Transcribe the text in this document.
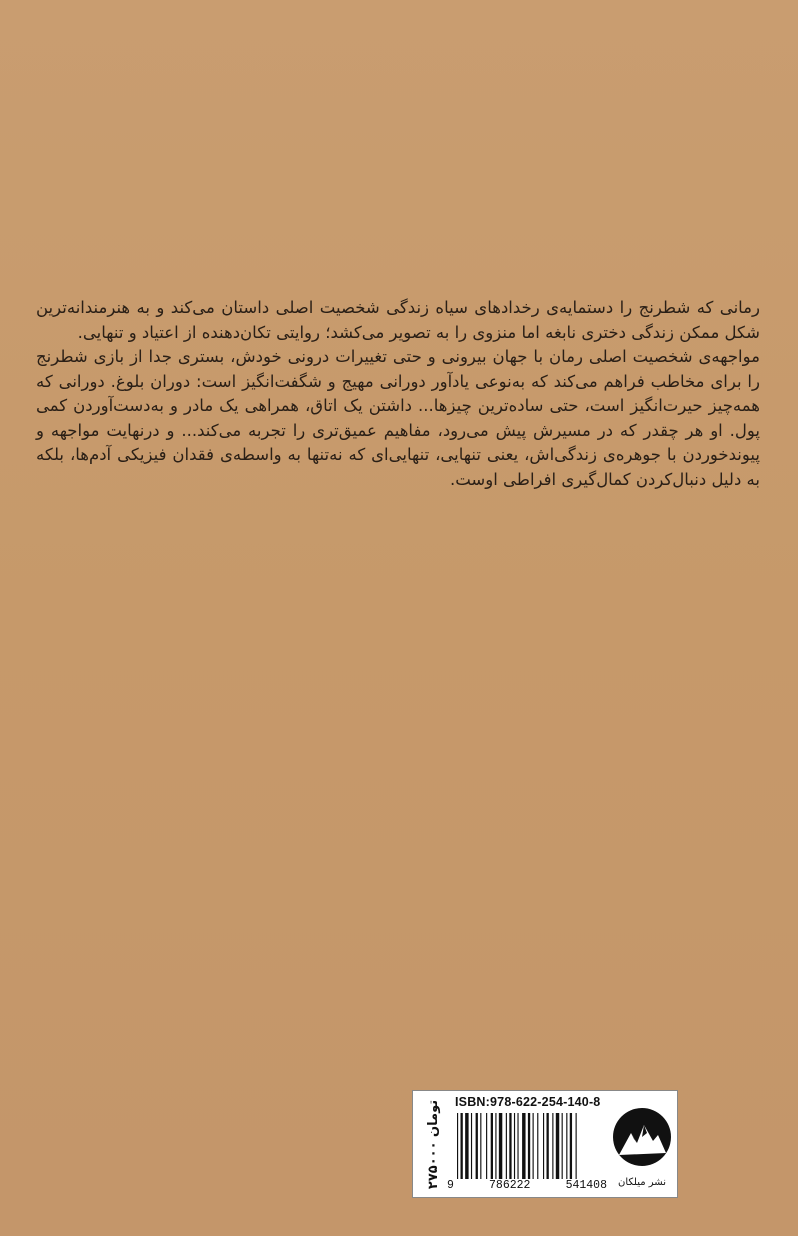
رمانی که شطرنج را دستمایه‌ی رخدادهای سیاه زندگی شخصیت اصلی داستان می‌کند و به هنرمندانه‌ترین شکل ممکن زندگی دختری نابغه اما منزوی را به تصویر می‌کشد؛ روایتی تکان‌دهنده از اعتیاد و تنهایی.

مواجهه‌ی شخصیت اصلی رمان با جهان بیرونی و حتی تغییرات درونی خودش، بستری جدا از بازی شطرنج را برای مخاطب فراهم می‌کند که به‌نوعی یادآور دورانی مهیج و شگفت‌انگیز است: دوران بلوغ. دورانی که همه‌چیز حیرت‌انگیز است، حتی ساده‌ترین چیزها... داشتن یک اتاق، همراهی یک مادر و به‌دست‌آوردن کمی پول. او هر چقدر که در مسیرش پیش می‌رود، مفاهیم عمیق‌تری را تجربه می‌کند... و درنهایت مواجهه و پیوندخوردن با جوهره‌ی زندگی‌اش، یعنی تنهایی، تنهایی‌ای که نه‌تنها به واسطه‌ی فقدان فیزیکی آدم‌ها، بلکه به دلیل دنبال‌کردن کمال‌گیری افراطی اوست.

۲۷۵۰۰۰ تومان ISBN:978-622-254-140-8
9	786222	541408	نشر میلکان
